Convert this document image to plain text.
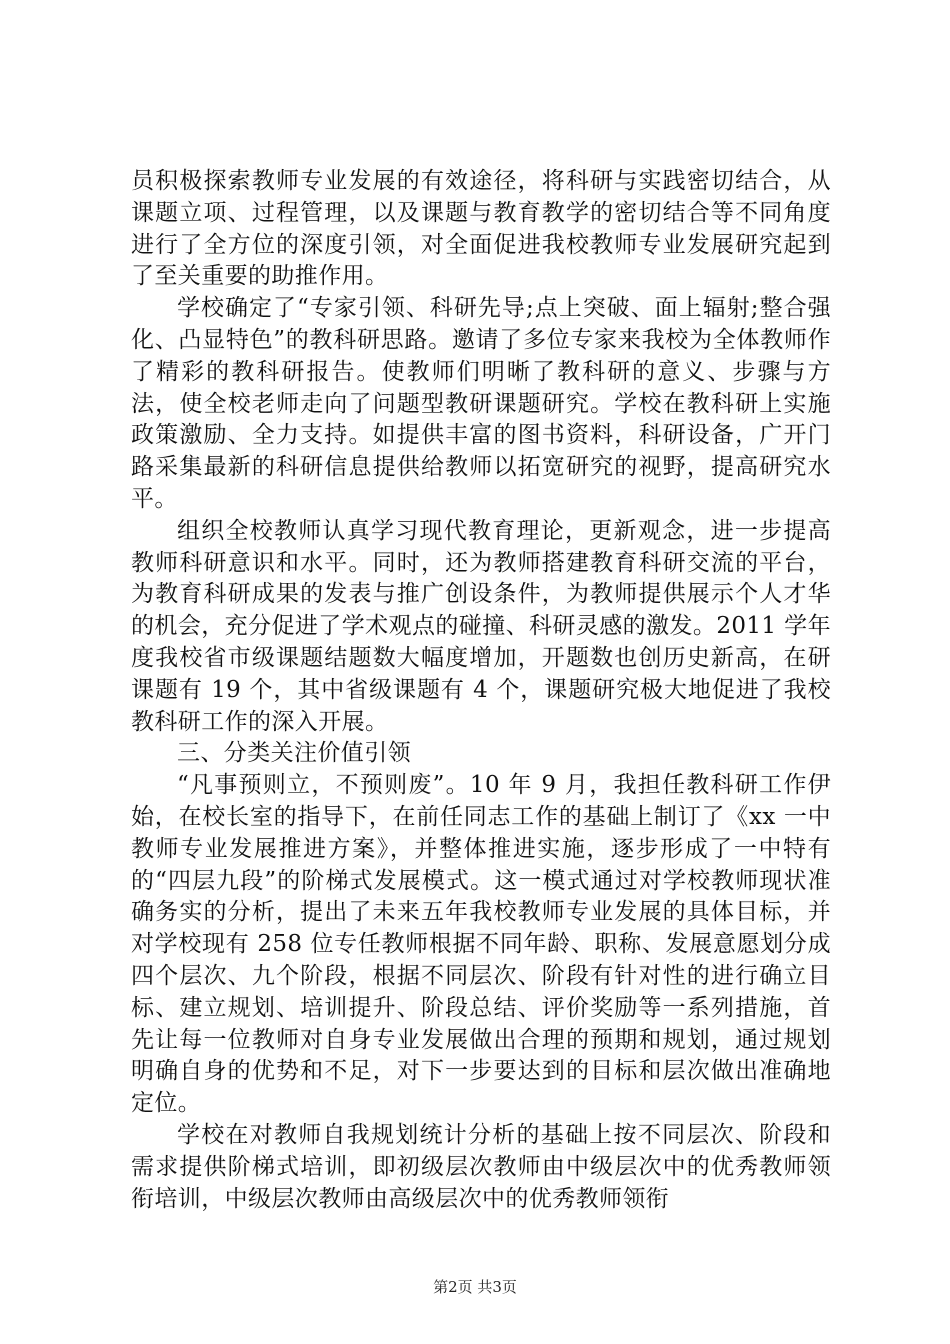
员积极探索教师专业发展的有效途径，将科研与实践密切结合，从课题立项、过程管理，以及课题与教育教学的密切结合等不同角度进行了全方位的深度引领，对全面促进我校教师专业发展研究起到了至关重要的助推作用。

学校确定了“专家引领、科研先导;点上突破、面上辐射;整合强化、凸显特色”的教科研思路。邀请了多位专家来我校为全体教师作了精彩的教科研报告。使教师们明晰了教科研的意义、步骤与方法，使全校老师走向了问题型教研课题研究。学校在教科研上实施政策激励、全力支持。如提供丰富的图书资料，科研设备，广开门路采集最新的科研信息提供给教师以拓宽研究的视野，提高研究水平。

组织全校教师认真学习现代教育理论，更新观念，进一步提高教师科研意识和水平。同时，还为教师搭建教育科研交流的平台，为教育科研成果的发表与推广创设条件，为教师提供展示个人才华的机会，充分促进了学术观点的碰撞、科研灵感的激发。2011 学年度我校省市级课题结题数大幅度增加，开题数也创历史新高，在研课题有 19 个，其中省级课题有 4 个，课题研究极大地促进了我校教科研工作的深入开展。

三、分类关注价值引领

“凡事预则立，不预则废”。10 年 9 月，我担任教科研工作伊始，在校长室的指导下，在前任同志工作的基础上制订了《xx 一中教师专业发展推进方案》，并整体推进实施，逐步形成了一中特有的“四层九段”的阶梯式发展模式。这一模式通过对学校教师现状准确务实的分析，提出了未来五年我校教师专业发展的具体目标，并对学校现有 258 位专任教师根据不同年龄、职称、发展意愿划分成四个层次、九个阶段，根据不同层次、阶段有针对性的进行确立目标、建立规划、培训提升、阶段总结、评价奖励等一系列措施，首先让每一位教师对自身专业发展做出合理的预期和规划，通过规划明确自身的优势和不足，对下一步要达到的目标和层次做出准确地定位。

学校在对教师自我规划统计分析的基础上按不同层次、阶段和需求提供阶梯式培训，即初级层次教师由中级层次中的优秀教师领衔培训，中级层次教师由高级层次中的优秀教师领衔

第2页 共3页
